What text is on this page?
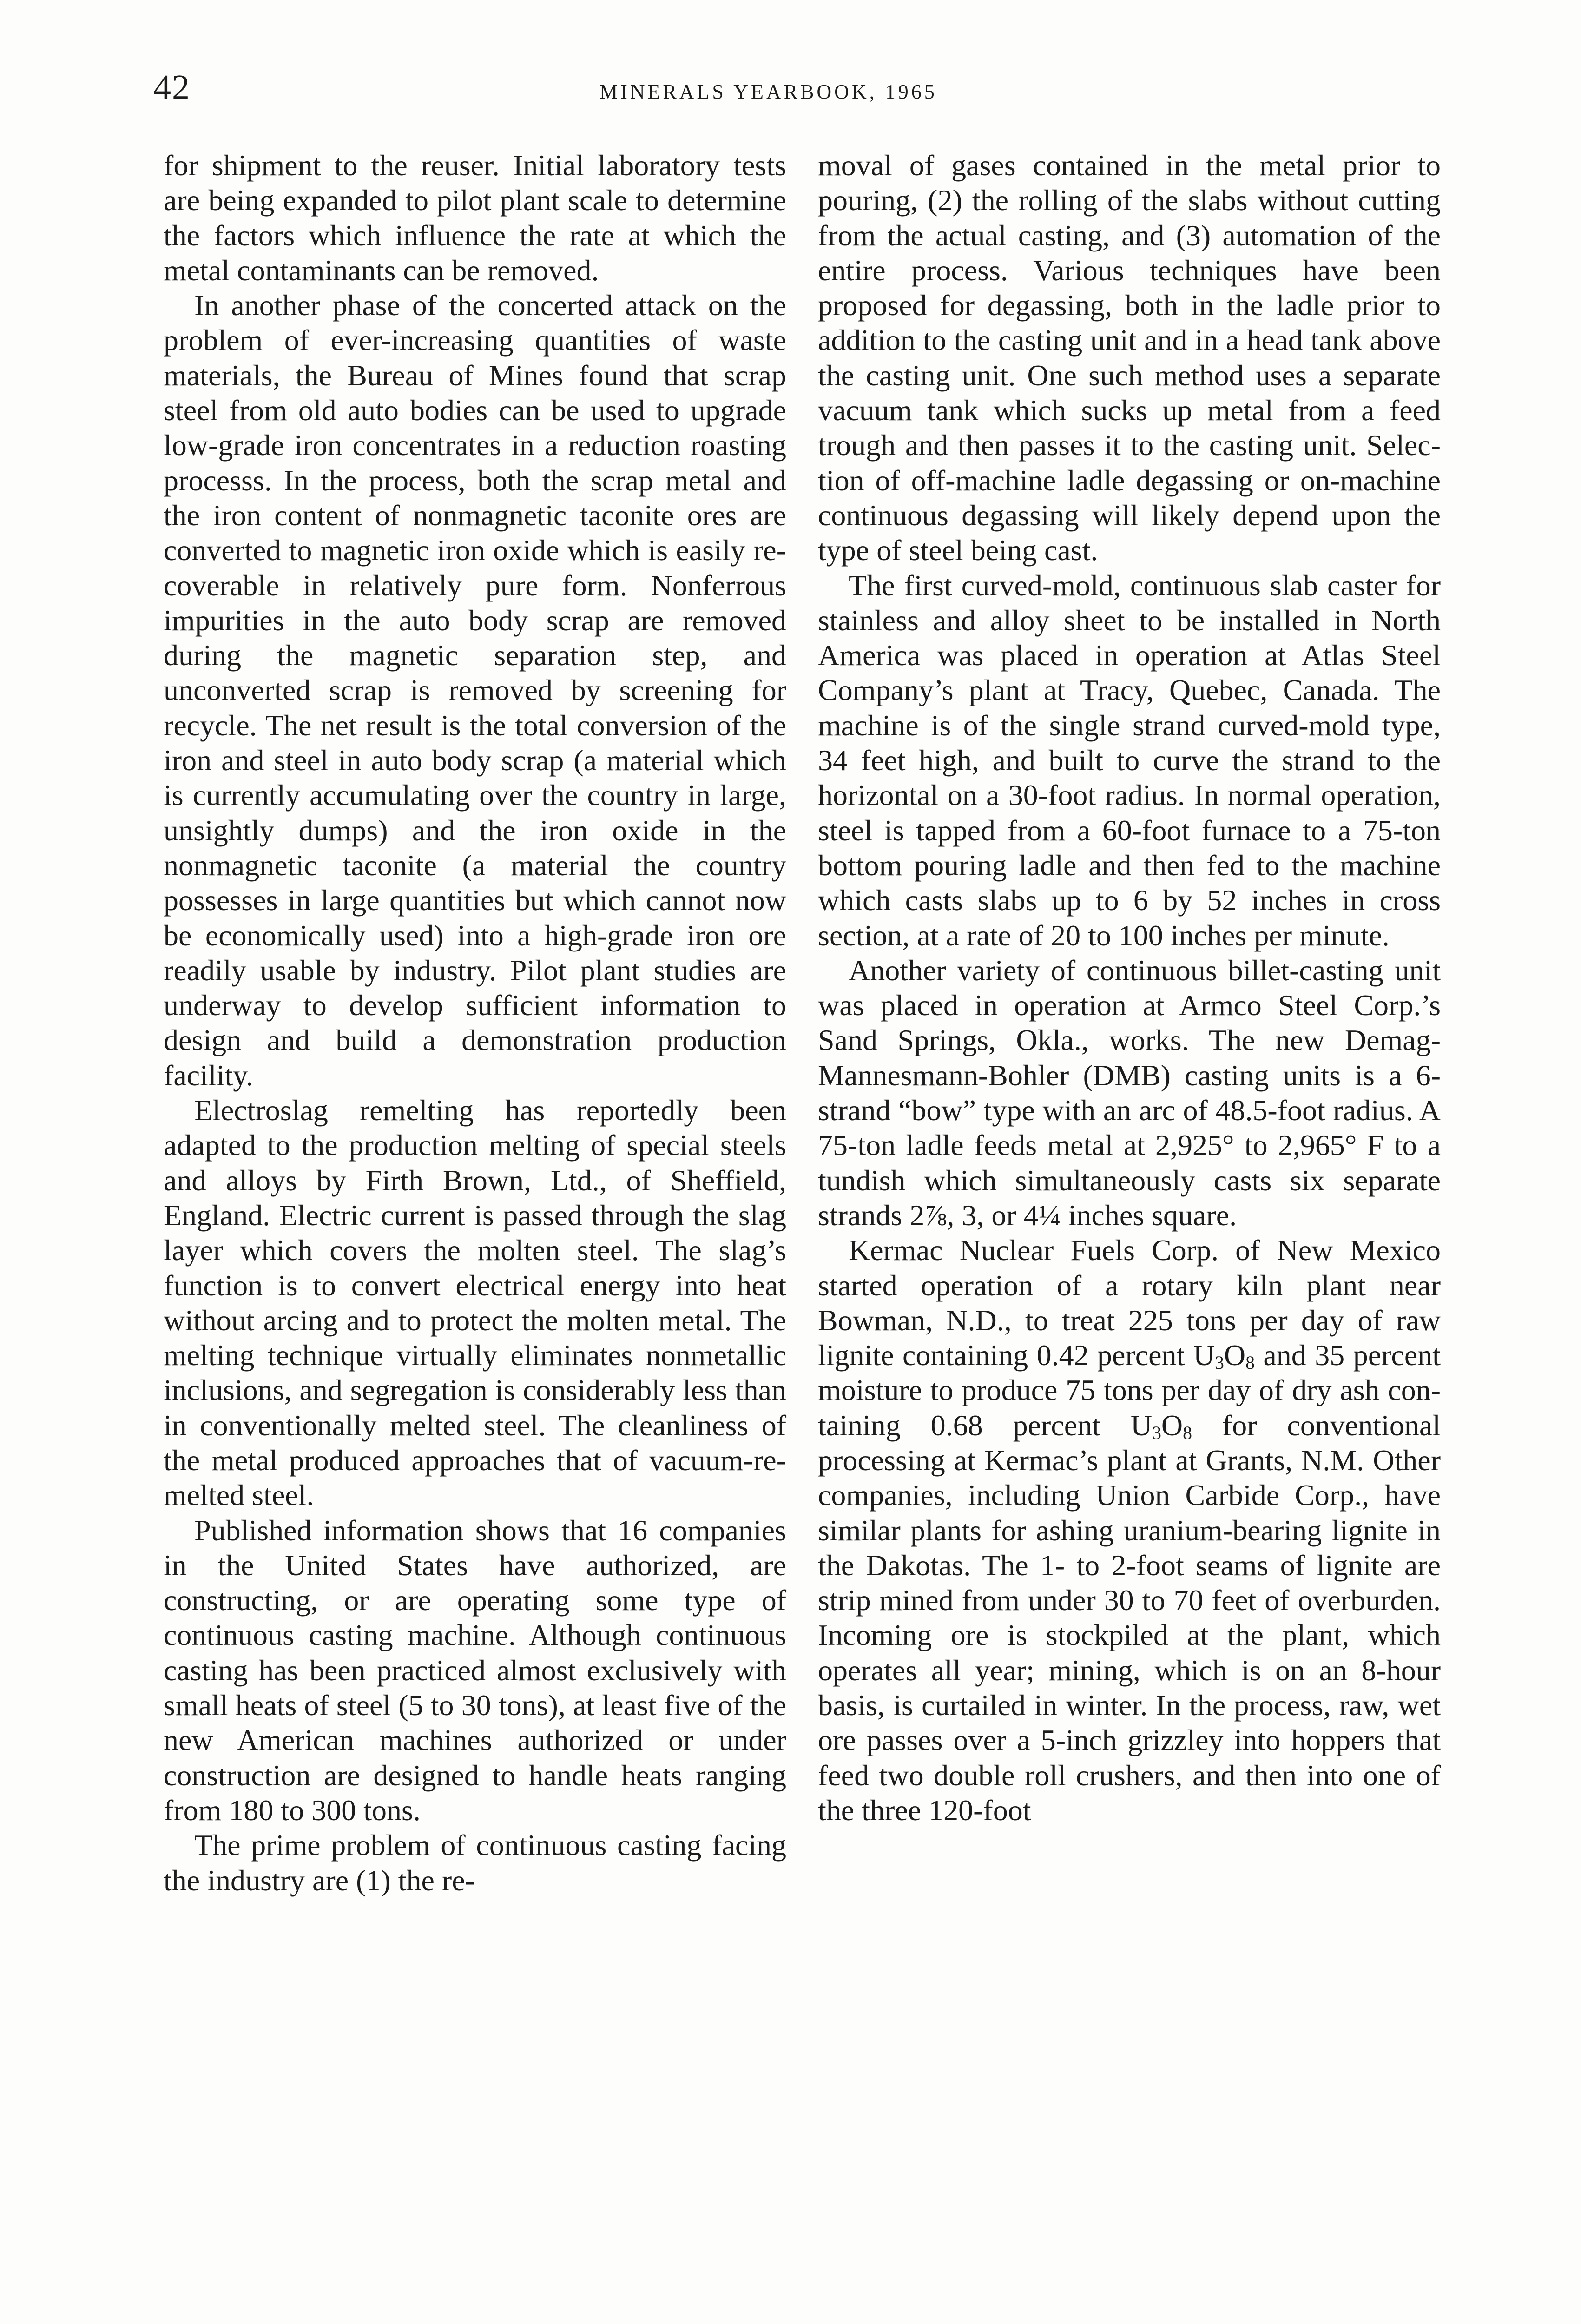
42	MINERALS YEARBOOK, 1965

for shipment to the reuser. Initial laboratory tests are being expanded to pilot plant scale to determine the factors which influence the rate at which the metal contaminants can be removed.

In another phase of the concerted attack on the problem of ever-increasing quantities of waste materials, the Bureau of Mines found that scrap steel from old auto bodies can be used to upgrade low-grade iron concentrates in a reduction roasting processs. In the process, both the scrap metal and the iron content of nonmagnetic taconite ores are converted to magnetic iron oxide which is easily recoverable in relatively pure form. Nonferrous impurities in the auto body scrap are removed during the magnetic separation step, and unconverted scrap is removed by screening for recycle. The net result is the total conversion of the iron and steel in auto body scrap (a material which is currently accumulating over the country in large, unsightly dumps) and the iron oxide in the nonmagnetic taconite (a material the country possesses in large quantities but which cannot now be economically used) into a high-grade iron ore readily usable by industry. Pilot plant studies are underway to develop sufficient information to design and build a demonstration production facility.

Electroslag remelting has reportedly been adapted to the production melting of special steels and alloys by Firth Brown, Ltd., of Sheffield, England. Electric current is passed through the slag layer which covers the molten steel. The slag’s function is to convert electrical energy into heat without arcing and to protect the molten metal. The melting technique virtually eliminates nonmetallic inclusions, and segregation is considerably less than in conventionally melted steel. The cleanliness of the metal produced approaches that of vacuum-remelted steel.

Published information shows that 16 companies in the United States have authorized, are constructing, or are operating some type of continuous casting machine. Although continuous casting has been practiced almost exclusively with small heats of steel (5 to 30 tons), at least five of the new American machines authorized or under construction are designed to handle heats ranging from 180 to 300 tons.

The prime problem of continuous casting facing the industry are (1) the re-

moval of gases contained in the metal prior to pouring, (2) the rolling of the slabs without cutting from the actual casting, and (3) automation of the entire process. Various techniques have been proposed for degassing, both in the ladle prior to addition to the casting unit and in a head tank above the casting unit. One such method uses a separate vacuum tank which sucks up metal from a feed trough and then passes it to the casting unit. Selection of off-machine ladle degassing or on-machine continuous degassing will likely depend upon the type of steel being cast.

The first curved-mold, continuous slab caster for stainless and alloy sheet to be installed in North America was placed in operation at Atlas Steel Company’s plant at Tracy, Quebec, Canada. The machine is of the single strand curved-mold type, 34 feet high, and built to curve the strand to the horizontal on a 30-foot radius. In normal operation, steel is tapped from a 60-foot furnace to a 75-ton bottom pouring ladle and then fed to the machine which casts slabs up to 6 by 52 inches in cross section, at a rate of 20 to 100 inches per minute.

Another variety of continuous billet-casting unit was placed in operation at Armco Steel Corp.’s Sand Springs, Okla., works. The new Demag-Mannesmann-Bohler (DMB) casting units is a 6-strand “bow” type with an arc of 48.5-foot radius. A 75-ton ladle feeds metal at 2,925° to 2,965° F to a tundish which simultaneously casts six separate strands 2⅞, 3, or 4¼ inches square.

Kermac Nuclear Fuels Corp. of New Mexico started operation of a rotary kiln plant near Bowman, N.D., to treat 225 tons per day of raw lignite containing 0.42 percent $U_3O_8$ and 35 percent moisture to produce 75 tons per day of dry ash containing 0.68 percent $U_3O_8$ for conventional processing at Kermac’s plant at Grants, N.M. Other companies, including Union Carbide Corp., have similar plants for ashing uranium-bearing lignite in the Dakotas. The 1- to 2-foot seams of lignite are strip mined from under 30 to 70 feet of overburden. Incoming ore is stockpiled at the plant, which operates all year; mining, which is on an 8-hour basis, is curtailed in winter. In the process, raw, wet ore passes over a 5-inch grizzley into hoppers that feed two double roll crushers, and then into one of the three 120-foot
